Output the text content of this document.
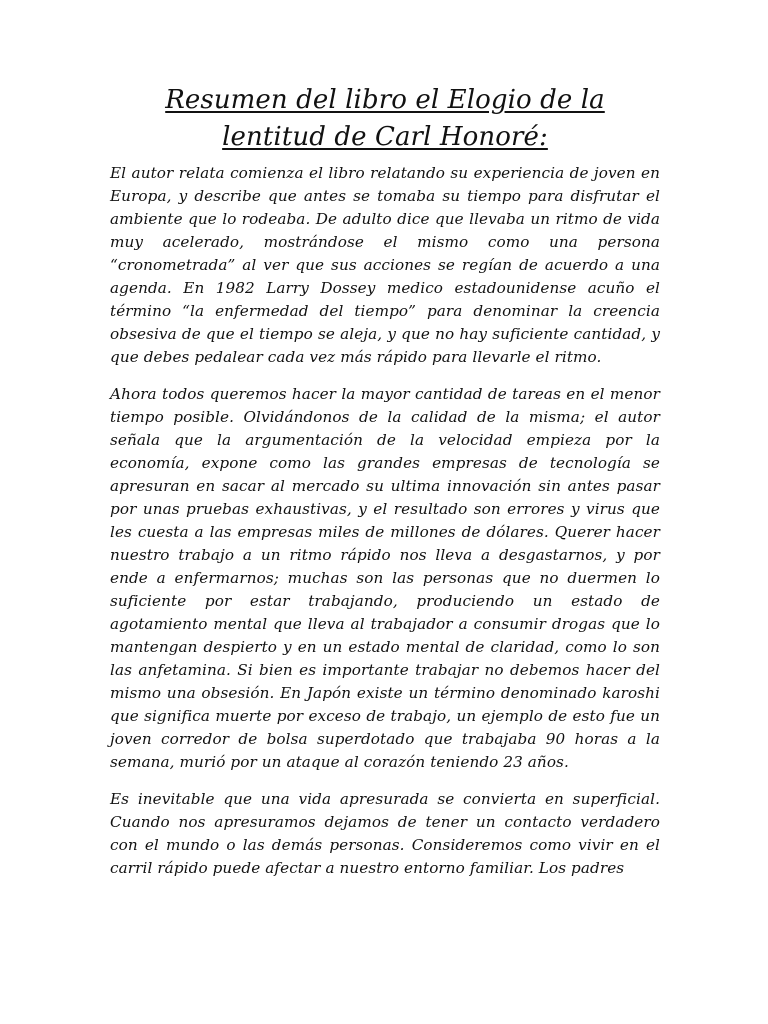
Resumen del libro el Elogio de la lentitud de Carl Honoré:

El autor relata comienza el libro relatando su experiencia de joven en Europa, y describe que antes se tomaba su tiempo para disfrutar el ambiente que lo rodeaba. De adulto dice que llevaba un ritmo de vida muy acelerado, mostrándose el mismo como una persona “cronometrada” al ver que sus acciones se regían de acuerdo a una agenda. En 1982 Larry Dossey medico estadounidense acuño el término “la enfermedad del tiempo” para denominar la creencia obsesiva de que el tiempo se aleja, y que no hay suficiente cantidad, y que debes pedalear cada vez más rápido para llevarle el ritmo.

Ahora todos queremos hacer la mayor cantidad de tareas en el menor tiempo posible. Olvidándonos de la calidad de la misma; el autor señala que la argumentación de la velocidad empieza por la economía, expone como las grandes empresas de tecnología se apresuran en sacar al mercado su ultima innovación sin antes pasar por unas pruebas exhaustivas, y el resultado son errores y virus que les cuesta a las empresas miles de millones de dólares. Querer hacer nuestro trabajo a un ritmo rápido nos lleva a desgastarnos, y por ende a enfermarnos; muchas son las personas que no duermen lo suficiente por estar trabajando, produciendo un estado de agotamiento mental que lleva al trabajador a consumir drogas que lo mantengan despierto y en un estado mental de claridad, como lo son las anfetamina. Si bien es importante trabajar no debemos hacer del mismo una obsesión. En Japón existe un término denominado karoshi que significa muerte por exceso de trabajo, un ejemplo de esto fue un joven corredor de bolsa superdotado que trabajaba 90 horas a la semana, murió por un ataque al corazón teniendo 23 años.

Es inevitable que una vida apresurada se convierta en superficial. Cuando nos apresuramos dejamos de tener un contacto verdadero con el mundo o las demás personas. Consideremos como vivir en el carril rápido puede afectar a nuestro entorno familiar. Los padres
